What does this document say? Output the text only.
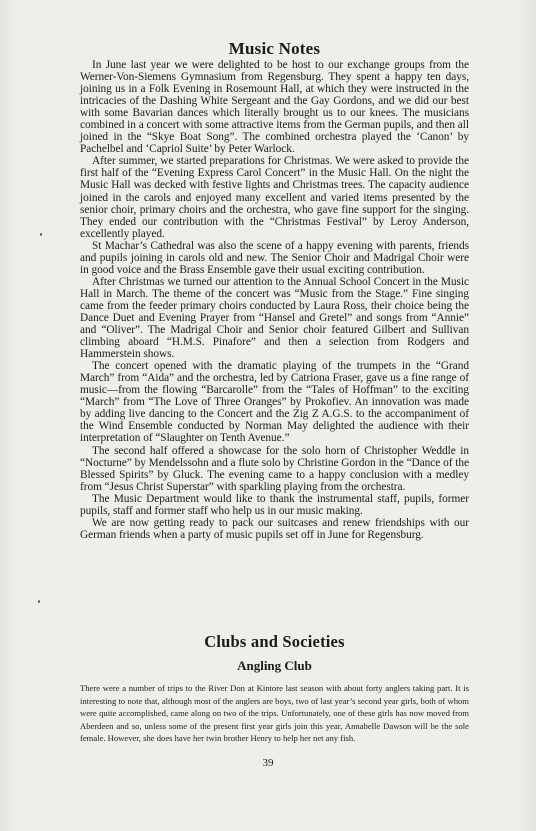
Music Notes

In June last year we were delighted to be host to our exchange groups from the Werner-Von-Siemens Gymnasium from Regensburg. They spent a happy ten days, joining us in a Folk Evening in Rosemount Hall, at which they were instructed in the intricacies of the Dashing White Sergeant and the Gay Gordons, and we did our best with some Bavarian dances which literally brought us to our knees. The musicians combined in a concert with some attractive items from the German pupils, and then all joined in the “Skye Boat Song”. The combined orchestra played the ‘Canon’ by Pachelbel and ‘Capriol Suite’ by Peter Warlock.

After summer, we started preparations for Christmas. We were asked to provide the first half of the “Evening Express Carol Concert” in the Music Hall. On the night the Music Hall was decked with festive lights and Christmas trees. The capacity audience joined in the carols and enjoyed many excellent and varied items presented by the senior choir, primary choirs and the orchestra, who gave fine support for the singing. They ended our contribution with the “Christmas Festival” by Leroy Anderson, excellently played.

St Machar’s Cathedral was also the scene of a happy evening with parents, friends and pupils joining in carols old and new. The Senior Choir and Madrigal Choir were in good voice and the Brass Ensemble gave their usual exciting contribution.

After Christmas we turned our attention to the Annual School Concert in the Music Hall in March. The theme of the concert was “Music from the Stage.” Fine singing came from the feeder primary choirs conducted by Laura Ross, their choice being the Dance Duet and Evening Prayer from “Hansel and Gretel” and songs from “Annie” and “Oliver”. The Madrigal Choir and Senior choir featured Gilbert and Sullivan climbing aboard “H.M.S. Pinafore” and then a selection from Rodgers and Hammerstein shows.

The concert opened with the dramatic playing of the trumpets in the “Grand March” from “Aida” and the orchestra, led by Catriona Fraser, gave us a fine range of music—from the flowing “Barcarolle” from the “Tales of Hoffman” to the exciting “March” from “The Love of Three Oranges” by Prokofiev. An innovation was made by adding live dancing to the Concert and the Zig Z A.G.S. to the accompaniment of the Wind Ensemble conducted by Norman May delighted the audience with their interpretation of “Slaughter on Tenth Avenue.”

The second half offered a showcase for the solo horn of Christopher Weddle in “Nocturne” by Mendelssohn and a flute solo by Christine Gordon in the “Dance of the Blessed Spirits” by Gluck. The evening came to a happy conclusion with a medley from “Jesus Christ Superstar” with sparkling playing from the orchestra.

The Music Department would like to thank the instrumental staff, pupils, former pupils, staff and former staff who help us in our music making.

We are now getting ready to pack our suitcases and renew friendships with our German friends when a party of music pupils set off in June for Regensburg.

Clubs and Societies
Angling Club

There were a number of trips to the River Don at Kintore last season with about forty anglers taking part. It is interesting to note that, although most of the anglers are boys, two of last year’s second year girls, both of whom were quite accomplished, came along on two of the trips. Unfortunately, one of these girls has now moved from Aberdeen and so, unless some of the present first year girls join this year, Annabelle Dawson will be the sole female. However, she does have her twin brother Henry to help her net any fish.

39
